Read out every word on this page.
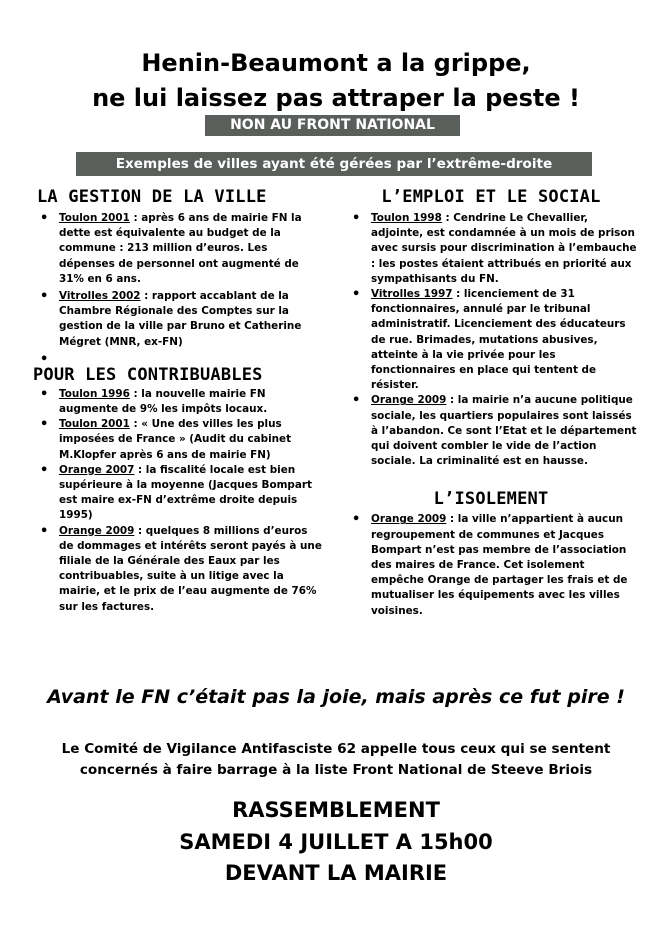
Henin-Beaumont a la grippe,
ne lui laissez pas attraper la peste !
NON AU FRONT NATIONAL
Exemples de villes ayant été gérées par l’extrême-droite
LA GESTION DE LA VILLE
• Toulon 2001 : après 6 ans de mairie FN la dette est équivalente au budget de la commune : 213 million d’euros. Les dépenses de personnel ont augmenté de 31% en 6 ans.
• Vitrolles 2002 : rapport accablant de la Chambre Régionale des Comptes sur la gestion de la ville par Bruno et Catherine Mégret (MNR, ex-FN)
•
POUR LES CONTRIBUABLES
• Toulon 1996 : la nouvelle mairie FN augmente de 9% les impôts locaux.
• Toulon 2001 : « Une des villes les plus imposées de France » (Audit du cabinet M.Klopfer après 6 ans de mairie FN)
• Orange 2007 : la fiscalité locale est bien supérieure à la moyenne (Jacques Bompart est maire ex-FN d’extrême droite depuis 1995)
• Orange 2009 : quelques 8 millions d’euros de dommages et intérêts seront payés à une filiale de la Générale des Eaux par les contribuables, suite à un litige avec la mairie, et le prix de l’eau augmente de 76% sur les factures.
L’EMPLOI ET LE SOCIAL
• Toulon 1998 : Cendrine Le Chevallier, adjointe, est condamnée à un mois de prison avec sursis pour discrimination à l’embauche : les postes étaient attribués en priorité aux sympathisants du FN.
• Vitrolles 1997 : licenciement de 31 fonctionnaires, annulé par le tribunal administratif. Licenciement des éducateurs de rue. Brimades, mutations abusives, atteinte à la vie privée pour les fonctionnaires en place qui tentent de résister.
• Orange 2009 : la mairie n’a aucune politique sociale, les quartiers populaires sont laissés à l’abandon. Ce sont l’Etat et le département qui doivent combler le vide de l’action sociale. La criminalité est en hausse.
L’ISOLEMENT
• Orange 2009 : la ville n’appartient à aucun regroupement de communes et Jacques Bompart n’est pas membre de l’association des maires de France. Cet isolement empêche Orange de partager les frais et de mutualiser les équipements avec les villes voisines.
Avant le FN c’était pas la joie, mais après ce fut pire !
Le Comité de Vigilance Antifasciste 62 appelle tous ceux qui se sentent
concernés à faire barrage à la liste Front National de Steeve Briois
RASSEMBLEMENT
SAMEDI 4 JUILLET A 15h00
DEVANT LA MAIRIE
